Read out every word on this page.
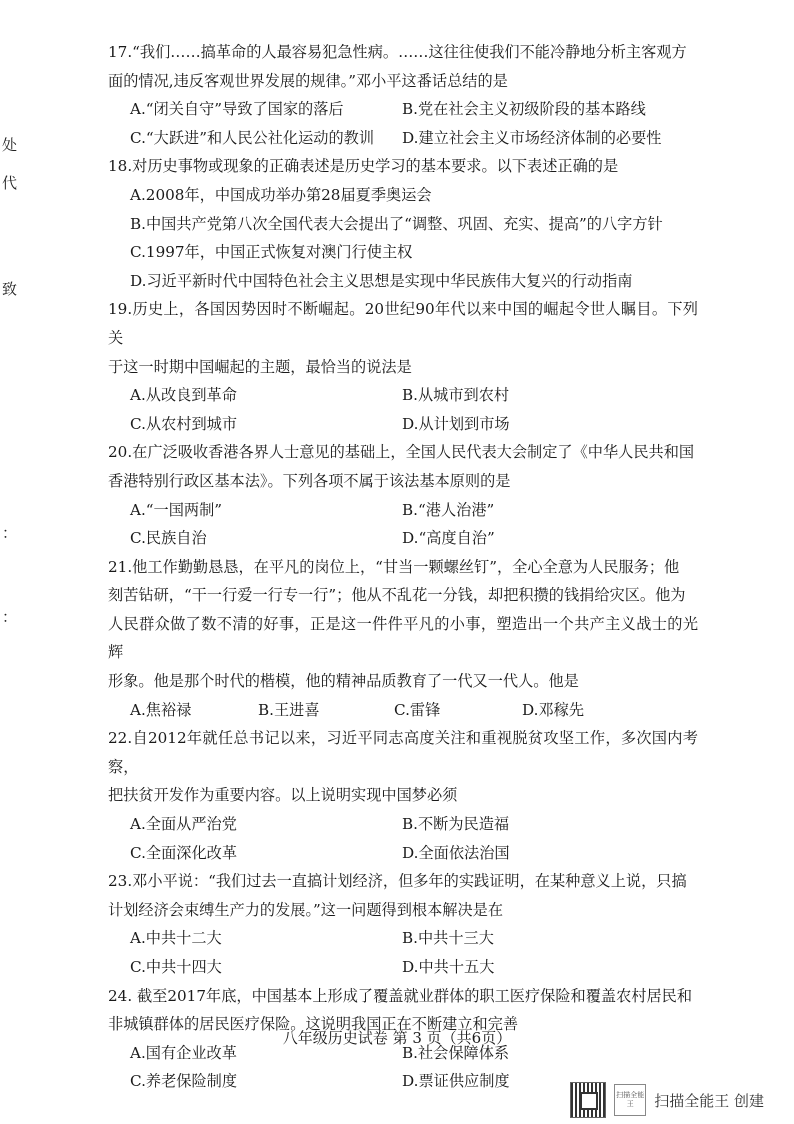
处
代
致
：
：
17.“我们……搞革命的人最容易犯急性病。……这往往使我们不能冷静地分析主客观方
面的情况,违反客观世界发展的规律。”邓小平这番话总结的是
A.“闭关自守”导致了国家的落后	B.党在社会主义初级阶段的基本路线
C.“大跃进”和人民公社化运动的教训	D.建立社会主义市场经济体制的必要性
18.对历史事物或现象的正确表述是历史学习的基本要求。以下表述正确的是
A.2008年，中国成功举办第28届夏季奥运会
B.中国共产党第八次全国代表大会提出了“调整、巩固、充实、提高”的八字方针
C.1997年，中国正式恢复对澳门行使主权
D.习近平新时代中国特色社会主义思想是实现中华民族伟大复兴的行动指南
19.历史上，各国因势因时不断崛起。20世纪90年代以来中国的崛起令世人瞩目。下列关
于这一时期中国崛起的主题，最恰当的说法是
A.从改良到革命	B.从城市到农村
C.从农村到城市	D.从计划到市场
20.在广泛吸收香港各界人士意见的基础上，全国人民代表大会制定了《中华人民共和国
香港特别行政区基本法》。下列各项不属于该法基本原则的是
A.“一国两制”	B.“港人治港”
C.民族自治	D.“高度自治”
21.他工作勤勤恳恳，在平凡的岗位上，“甘当一颗螺丝钉”，全心全意为人民服务；他
刻苦钻研，“干一行爱一行专一行”；他从不乱花一分钱，却把积攒的钱捐给灾区。他为
人民群众做了数不清的好事，正是这一件件平凡的小事，塑造出一个共产主义战士的光辉
形象。他是那个时代的楷模，他的精神品质教育了一代又一代人。他是
A.焦裕禄	B.王进喜	C.雷锋	D.邓稼先
22.自2012年就任总书记以来，习近平同志高度关注和重视脱贫攻坚工作，多次国内考察，
把扶贫开发作为重要内容。以上说明实现中国梦必须
A.全面从严治党	B.不断为民造福
C.全面深化改革	D.全面依法治国
23.邓小平说：“我们过去一直搞计划经济，但多年的实践证明，在某种意义上说，只搞
计划经济会束缚生产力的发展。”这一问题得到根本解决是在
A.中共十二大	B.中共十三大
C.中共十四大	D.中共十五大
24. 截至2017年底，中国基本上形成了覆盖就业群体的职工医疗保险和覆盖农村居民和
非城镇群体的居民医疗保险。这说明我国正在不断建立和完善
A.国有企业改革	B.社会保障体系
C.养老保险制度	D.票证供应制度
八年级历史试卷 第 3 页（共6页）
扫描全能王	扫描全能王 创建
